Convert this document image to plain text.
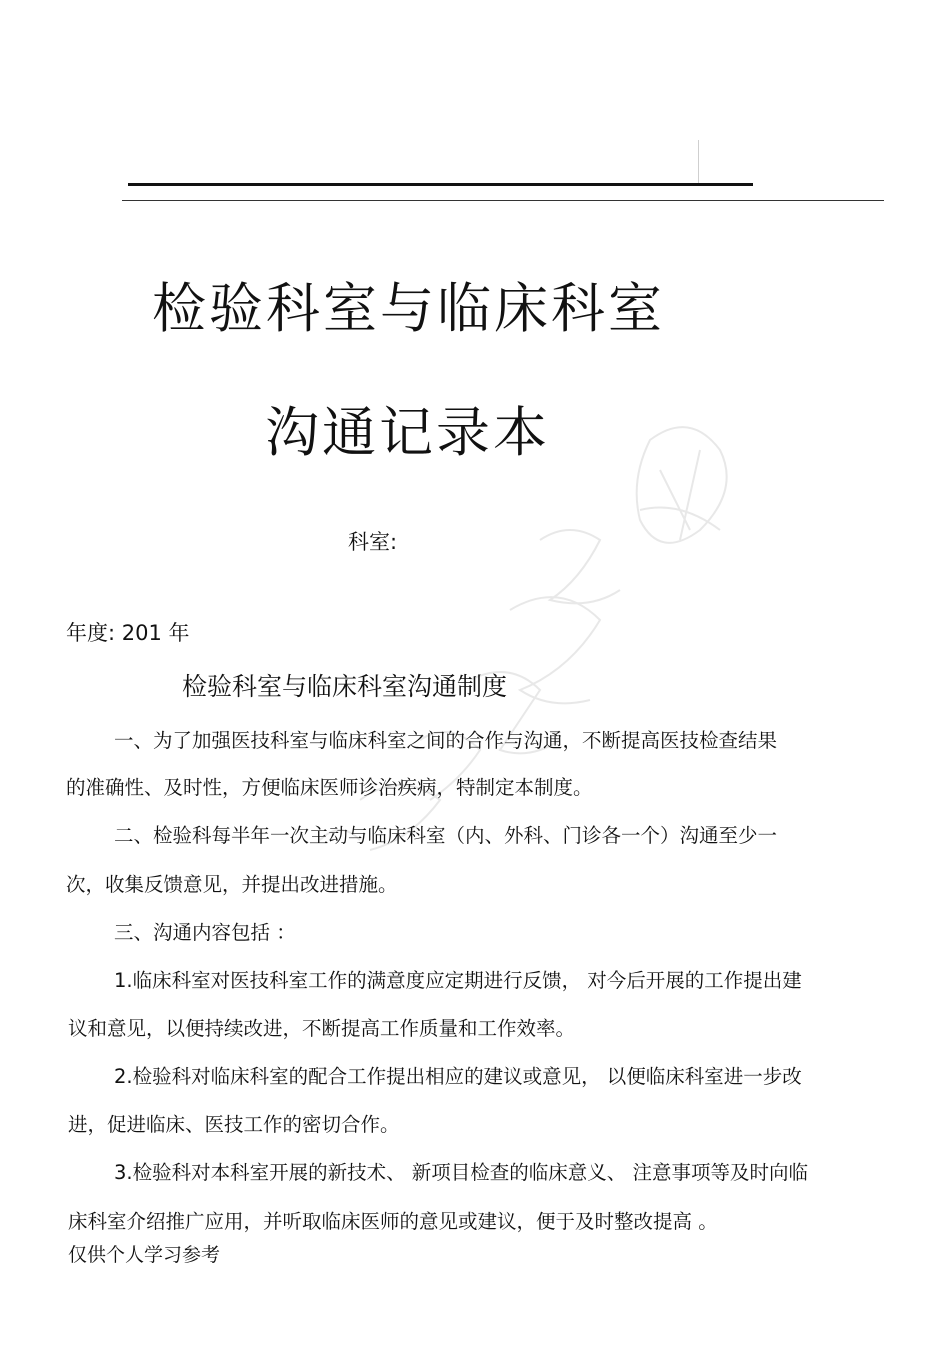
检验科室与临床科室
沟通记录本
科室:
年度: 201 年
检验科室与临床科室沟通制度
一、为了加强医技科室与临床科室之间的合作与沟通，不断提高医技检查结果
的准确性、及时性，方便临床医师诊治疾病，特制定本制度。
二、检验科每半年一次主动与临床科室（内、外科、门诊各一个）沟通至少一
次，收集反馈意见，并提出改进措施。
三、沟通内容包括 ：
1.临床科室对医技科室工作的满意度应定期进行反馈， 对今后开展的工作提出建
议和意见，以便持续改进，不断提高工作质量和工作效率。
2.检验科对临床科室的配合工作提出相应的建议或意见， 以便临床科室进一步改
进，促进临床、医技工作的密切合作。
3.检验科对本科室开展的新技术、 新项目检查的临床意义、 注意事项等及时向临
床科室介绍推广应用，并听取临床医师的意见或建议，便于及时整改提高 。
仅供个人学习参考
